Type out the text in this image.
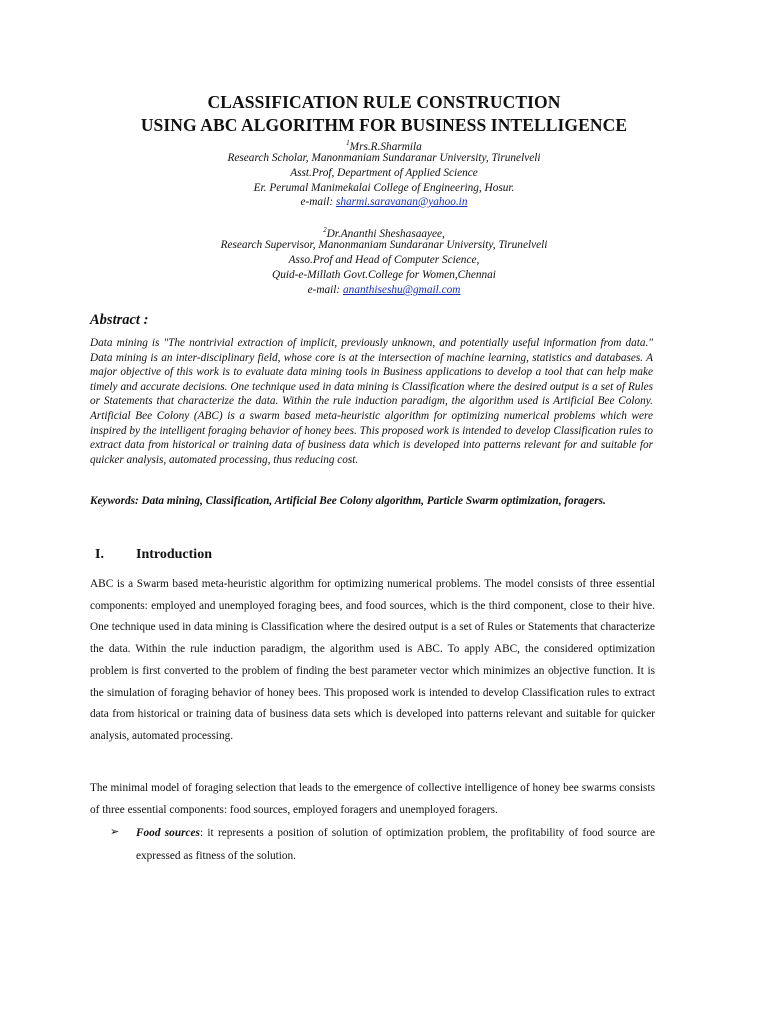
CLASSIFICATION RULE CONSTRUCTION
USING ABC ALGORITHM FOR BUSINESS INTELLIGENCE
$^1$Mrs.R.Sharmila
Research Scholar, Manonmaniam Sundaranar University, Tirunelveli
Asst.Prof, Department of Applied Science
Er. Perumal Manimekalai College of Engineering, Hosur.
e-mail: sharmi.saravanan@yahoo.in
$^2$Dr.Ananthi Sheshasaayee,
Research Supervisor, Manonmaniam Sundaranar University, Tirunelveli
Asso.Prof and Head of Computer Science,
Quid-e-Millath Govt.College for Women,Chennai
e-mail: ananthiseshu@gmail.com
Abstract :
Data mining is "The nontrivial extraction of implicit, previously unknown, and potentially useful information from data." Data mining is an inter-disciplinary field, whose core is at the intersection of machine learning, statistics and databases. A major objective of this work is to evaluate data mining tools in Business applications to develop a tool that can help make timely and accurate decisions. One technique used in data mining is Classification where the desired output is a set of Rules or Statements that characterize the data. Within the rule induction paradigm, the algorithm used is Artificial Bee Colony. Artificial Bee Colony (ABC) is a swarm based meta-heuristic algorithm for optimizing numerical problems which were inspired by the intelligent foraging behavior of honey bees. This proposed work is intended to develop Classification rules to extract data from historical or training data of business data which is developed into patterns relevant for and suitable for quicker analysis, automated processing, thus reducing cost.
Keywords: Data mining, Classification, Artificial Bee Colony algorithm, Particle Swarm optimization, foragers.
I. Introduction
ABC is a Swarm based meta-heuristic algorithm for optimizing numerical problems. The model consists of three essential components: employed and unemployed foraging bees, and food sources, which is the third component, close to their hive. One technique used in data mining is Classification where the desired output is a set of Rules or Statements that characterize the data. Within the rule induction paradigm, the algorithm used is ABC. To apply ABC, the considered optimization problem is first converted to the problem of finding the best parameter vector which minimizes an objective function. It is the simulation of foraging behavior of honey bees. This proposed work is intended to develop Classification rules to extract data from historical or training data of business data sets which is developed into patterns relevant and suitable for quicker analysis, automated processing.
The minimal model of foraging selection that leads to the emergence of collective intelligence of honey bee swarms consists of three essential components: food sources, employed foragers and unemployed foragers.
➢ Food sources: it represents a position of solution of optimization problem, the profitability of food source are expressed as fitness of the solution.
